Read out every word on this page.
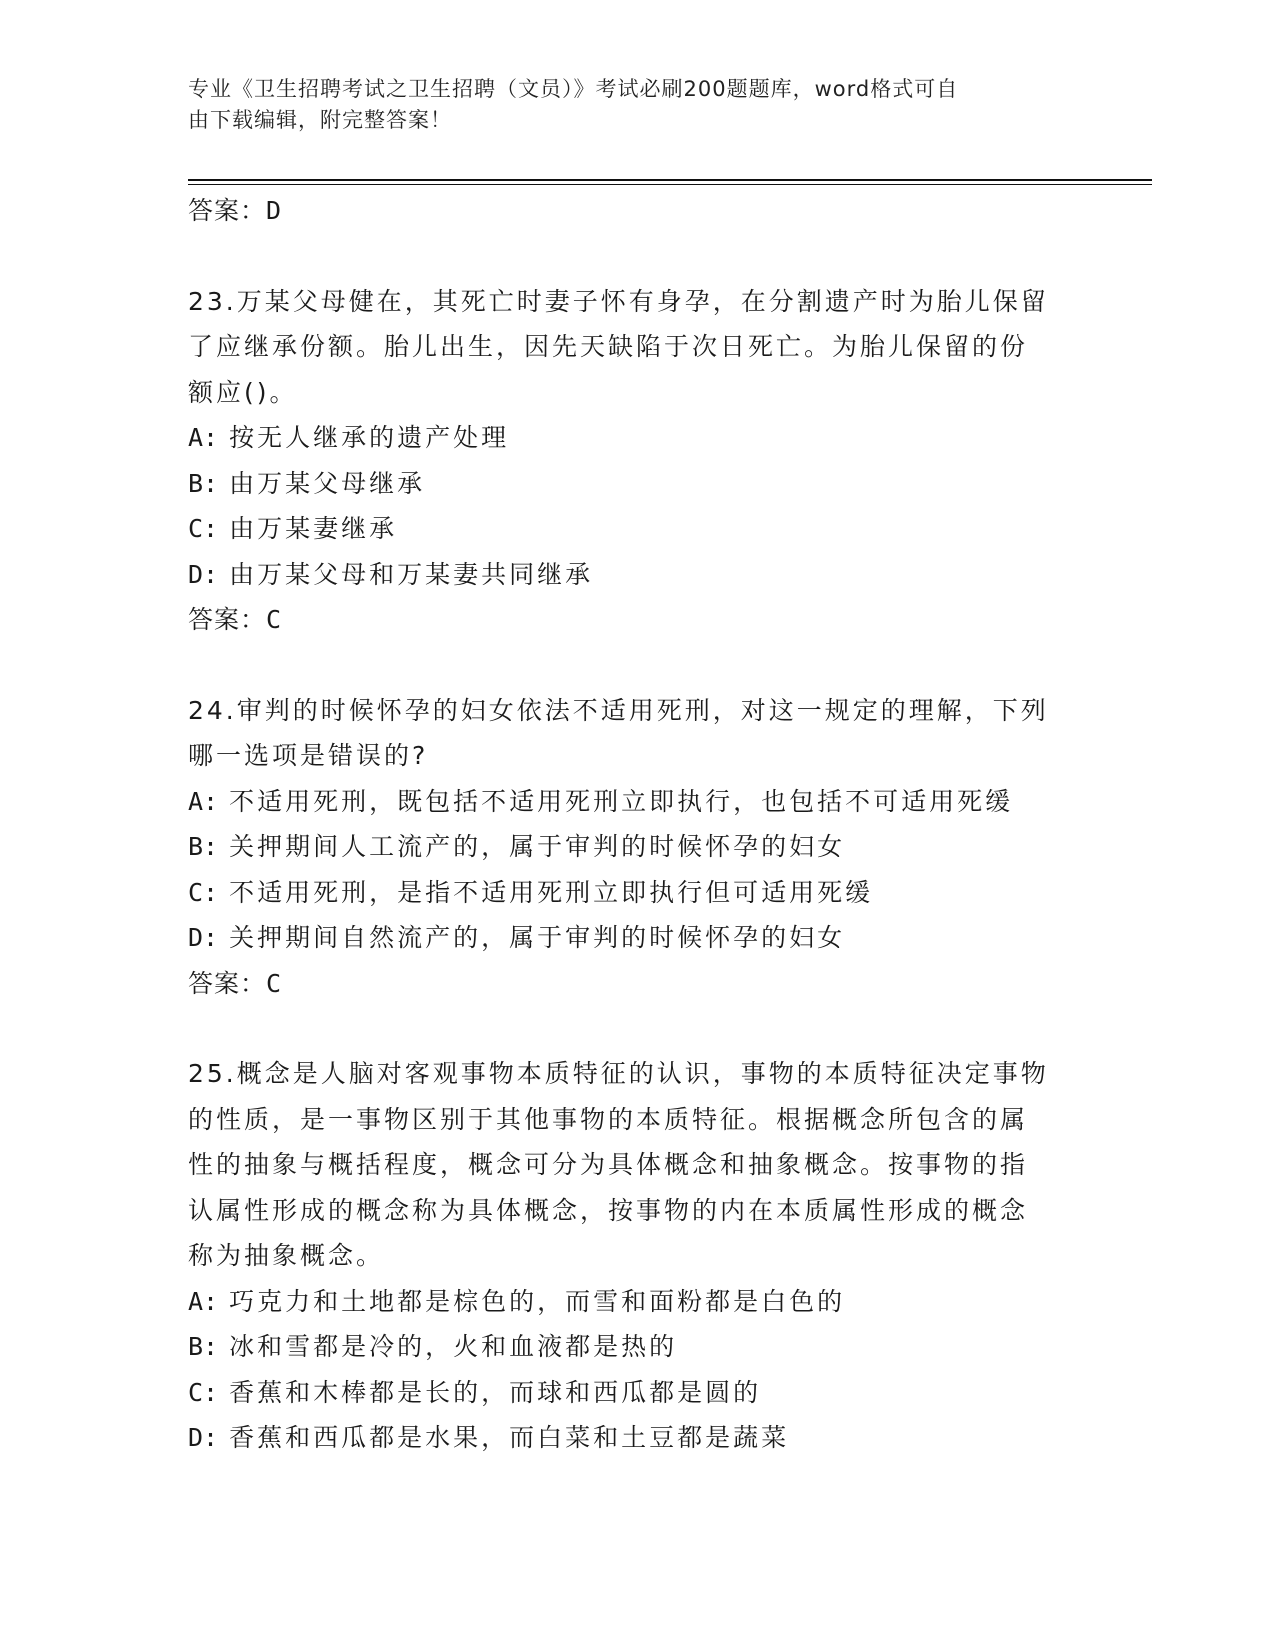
专业《卫生招聘考试之卫生招聘（文员）》考试必刷200题题库，word格式可自
由下载编辑，附完整答案！
答案：D
23.万某父母健在，其死亡时妻子怀有身孕，在分割遗产时为胎儿保留
了应继承份额。胎儿出生，因先天缺陷于次日死亡。为胎儿保留的份
额应()。
A: 按无人继承的遗产处理
B: 由万某父母继承
C: 由万某妻继承
D: 由万某父母和万某妻共同继承
答案：C
24.审判的时候怀孕的妇女依法不适用死刑，对这一规定的理解，下列
哪一选项是错误的?
A: 不适用死刑，既包括不适用死刑立即执行，也包括不可适用死缓
B: 关押期间人工流产的，属于审判的时候怀孕的妇女
C: 不适用死刑，是指不适用死刑立即执行但可适用死缓
D: 关押期间自然流产的，属于审判的时候怀孕的妇女
答案：C
25.概念是人脑对客观事物本质特征的认识，事物的本质特征决定事物
的性质，是一事物区别于其他事物的本质特征。根据概念所包含的属
性的抽象与概括程度，概念可分为具体概念和抽象概念。按事物的指
认属性形成的概念称为具体概念，按事物的内在本质属性形成的概念
称为抽象概念。
A: 巧克力和土地都是棕色的，而雪和面粉都是白色的
B: 冰和雪都是冷的，火和血液都是热的
C: 香蕉和木棒都是长的，而球和西瓜都是圆的
D: 香蕉和西瓜都是水果，而白菜和土豆都是蔬菜
